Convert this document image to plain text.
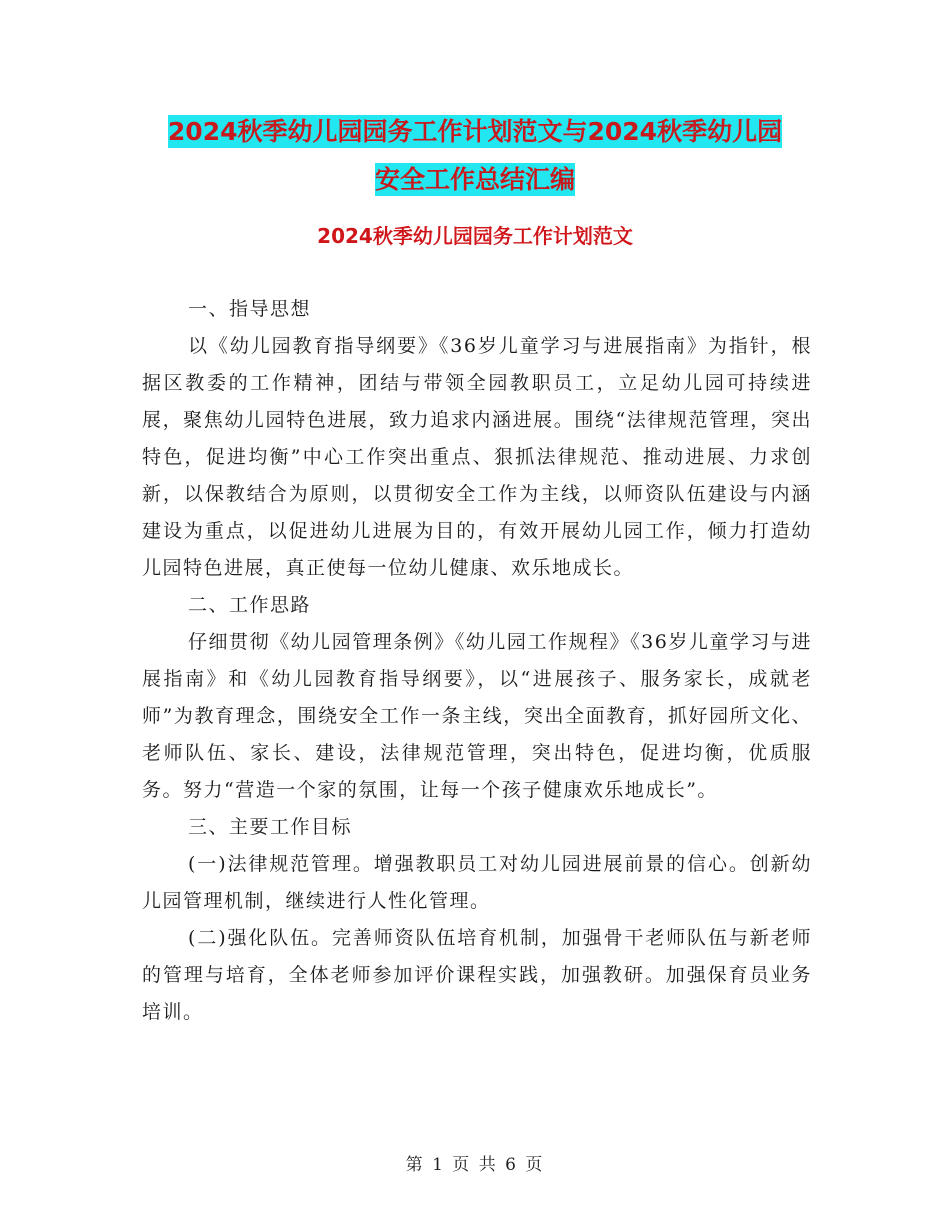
2024秋季幼儿园园务工作计划范文与2024秋季幼儿园
安全工作总结汇编
2024秋季幼儿园园务工作计划范文

一、指导思想

以《幼儿园教育指导纲要》《36岁儿童学习与进展指南》为指针，根据区教委的工作精神，团结与带领全园教职员工，立足幼儿园可持续进展，聚焦幼儿园特色进展，致力追求内涵进展。围绕“法律规范管理，突出特色，促进均衡”中心工作突出重点、狠抓法律规范、推动进展、力求创新，以保教结合为原则，以贯彻安全工作为主线，以师资队伍建设与内涵建设为重点，以促进幼儿进展为目的，有效开展幼儿园工作，倾力打造幼儿园特色进展，真正使每一位幼儿健康、欢乐地成长。

二、工作思路

仔细贯彻《幼儿园管理条例》《幼儿园工作规程》《36岁儿童学习与进展指南》和《幼儿园教育指导纲要》，以“进展孩子、服务家长，成就老师”为教育理念，围绕安全工作一条主线，突出全面教育，抓好园所文化、老师队伍、家长、建设，法律规范管理，突出特色，促进均衡，优质服务。努力“营造一个家的氛围，让每一个孩子健康欢乐地成长”。

三、主要工作目标

(一)法律规范管理。增强教职员工对幼儿园进展前景的信心。创新幼儿园管理机制，继续进行人性化管理。

(二)强化队伍。完善师资队伍培育机制，加强骨干老师队伍与新老师的管理与培育，全体老师参加评价课程实践，加强教研。加强保育员业务培训。

第 1 页 共 6 页
